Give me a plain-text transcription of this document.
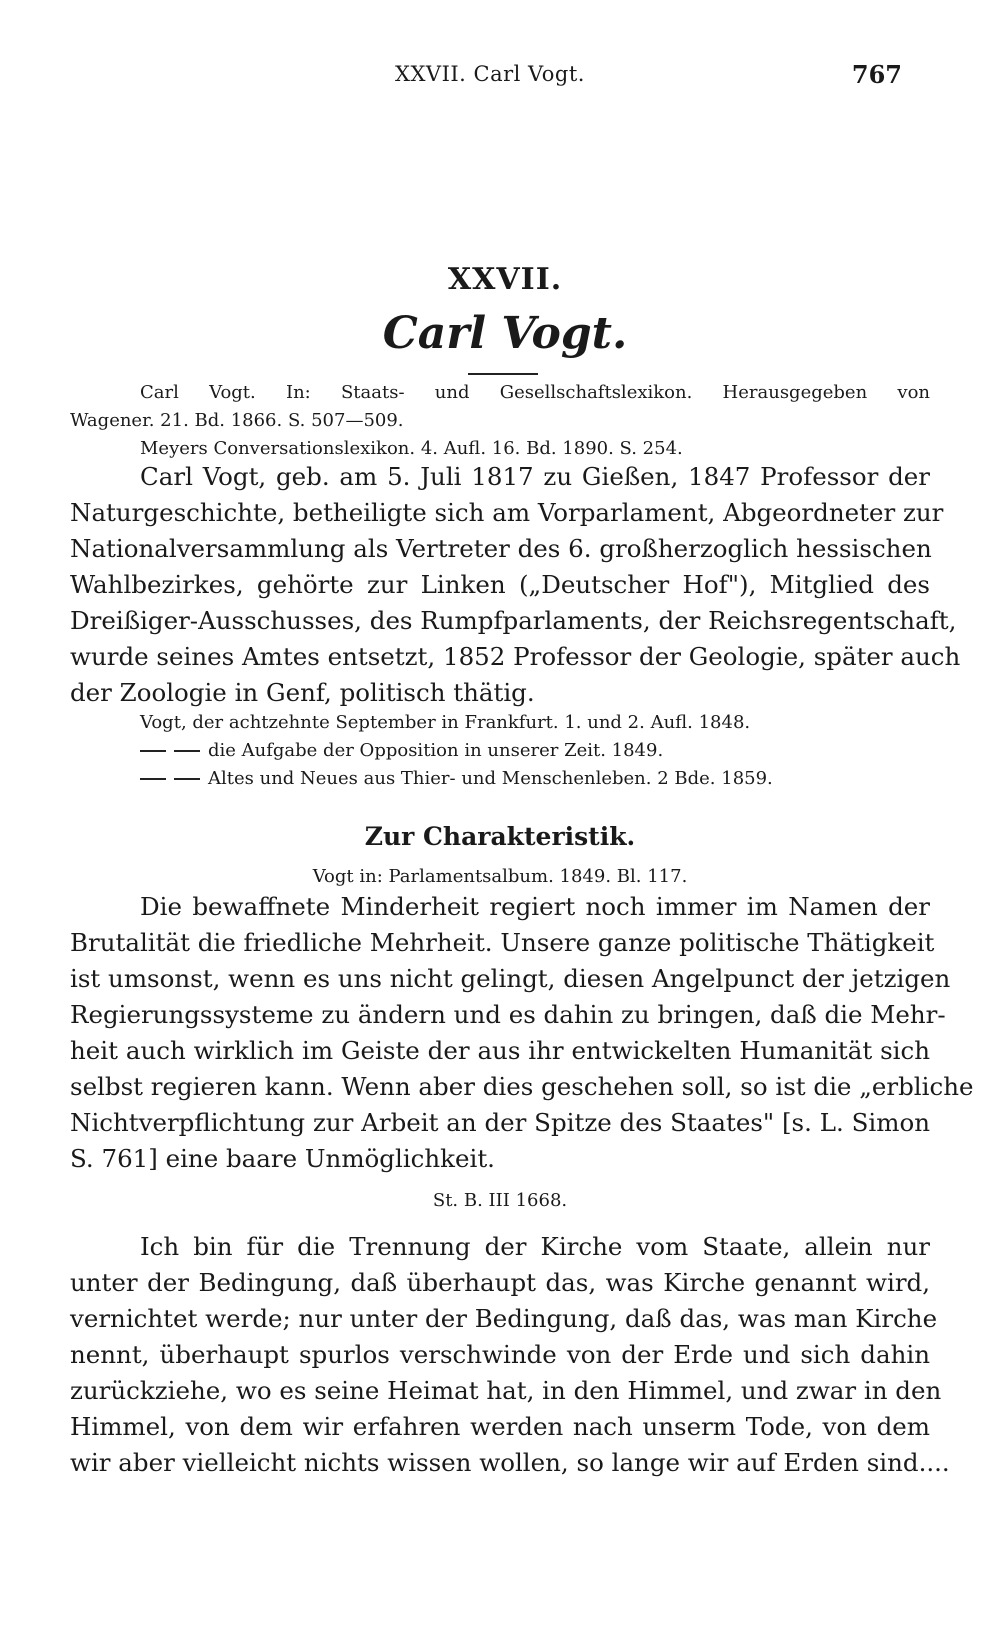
XXVII. Carl Vogt.	767
XXVII.
Carl Vogt.
Carl Vogt. In: Staats- und Gesellschaftslexikon. Herausgegeben von
Wagener. 21. Bd. 1866. S. 507—509.
Meyers Conversationslexikon. 4. Aufl. 16. Bd. 1890. S. 254.
Carl Vogt, geb. am 5. Juli 1817 zu Gießen, 1847 Professor der
Naturgeschichte, betheiligte sich am Vorparlament, Abgeordneter zur
Nationalversammlung als Vertreter des 6. großherzoglich hessischen
Wahlbezirkes, gehörte zur Linken („Deutscher Hof"), Mitglied des
Dreißiger-Ausschusses, des Rumpfparlaments, der Reichsregentschaft,
wurde seines Amtes entsetzt, 1852 Professor der Geologie, später auch
der Zoologie in Genf, politisch thätig.
Vogt, der achtzehnte September in Frankfurt. 1. und 2. Aufl. 1848.
die Aufgabe der Opposition in unserer Zeit. 1849.
Altes und Neues aus Thier- und Menschenleben. 2 Bde. 1859.
Zur Charakteristik.
Vogt in: Parlamentsalbum. 1849. Bl. 117.
Die bewaffnete Minderheit regiert noch immer im Namen der
Brutalität die friedliche Mehrheit. Unsere ganze politische Thätigkeit
ist umsonst, wenn es uns nicht gelingt, diesen Angelpunct der jetzigen
Regierungssysteme zu ändern und es dahin zu bringen, daß die Mehr-
heit auch wirklich im Geiste der aus ihr entwickelten Humanität sich
selbst regieren kann. Wenn aber dies geschehen soll, so ist die „erbliche
Nichtverpflichtung zur Arbeit an der Spitze des Staates" [s. L. Simon
S. 761] eine baare Unmöglichkeit.
St. B. III 1668.
Ich bin für die Trennung der Kirche vom Staate, allein nur
unter der Bedingung, daß überhaupt das, was Kirche genannt wird,
vernichtet werde; nur unter der Bedingung, daß das, was man Kirche
nennt, überhaupt spurlos verschwinde von der Erde und sich dahin
zurückziehe, wo es seine Heimat hat, in den Himmel, und zwar in den
Himmel, von dem wir erfahren werden nach unserm Tode, von dem
wir aber vielleicht nichts wissen wollen, so lange wir auf Erden sind....
